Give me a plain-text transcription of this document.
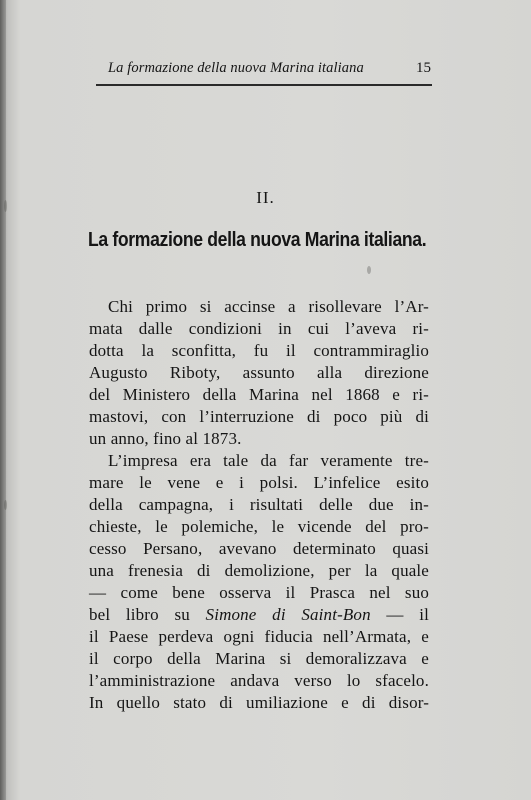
La formazione della nuova Marina italiana	15
II.
La formazione della nuova Marina italiana.
Chi primo si accinse a risollevare l’Ar-
mata dalle condizioni in cui l’aveva ri-
dotta la sconfitta, fu il contrammiraglio
Augusto Riboty, assunto alla direzione
del Ministero della Marina nel 1868 e ri-
mastovi, con l’interruzione di poco più di
un anno, fino al 1873.
L’impresa era tale da far veramente tre-
mare le vene e i polsi. L’infelice esito
della campagna, i risultati delle due in-
chieste, le polemiche, le vicende del pro-
cesso Persano, avevano determinato quasi
una frenesia di demolizione, per la quale
— come bene osserva il Prasca nel suo
bel libro su Simone di Saint-Bon — il
il Paese perdeva ogni fiducia nell’Armata, e
il corpo della Marina si demoralizzava e
l’amministrazione andava verso lo sfacelo.
In quello stato di umiliazione e di disor-
